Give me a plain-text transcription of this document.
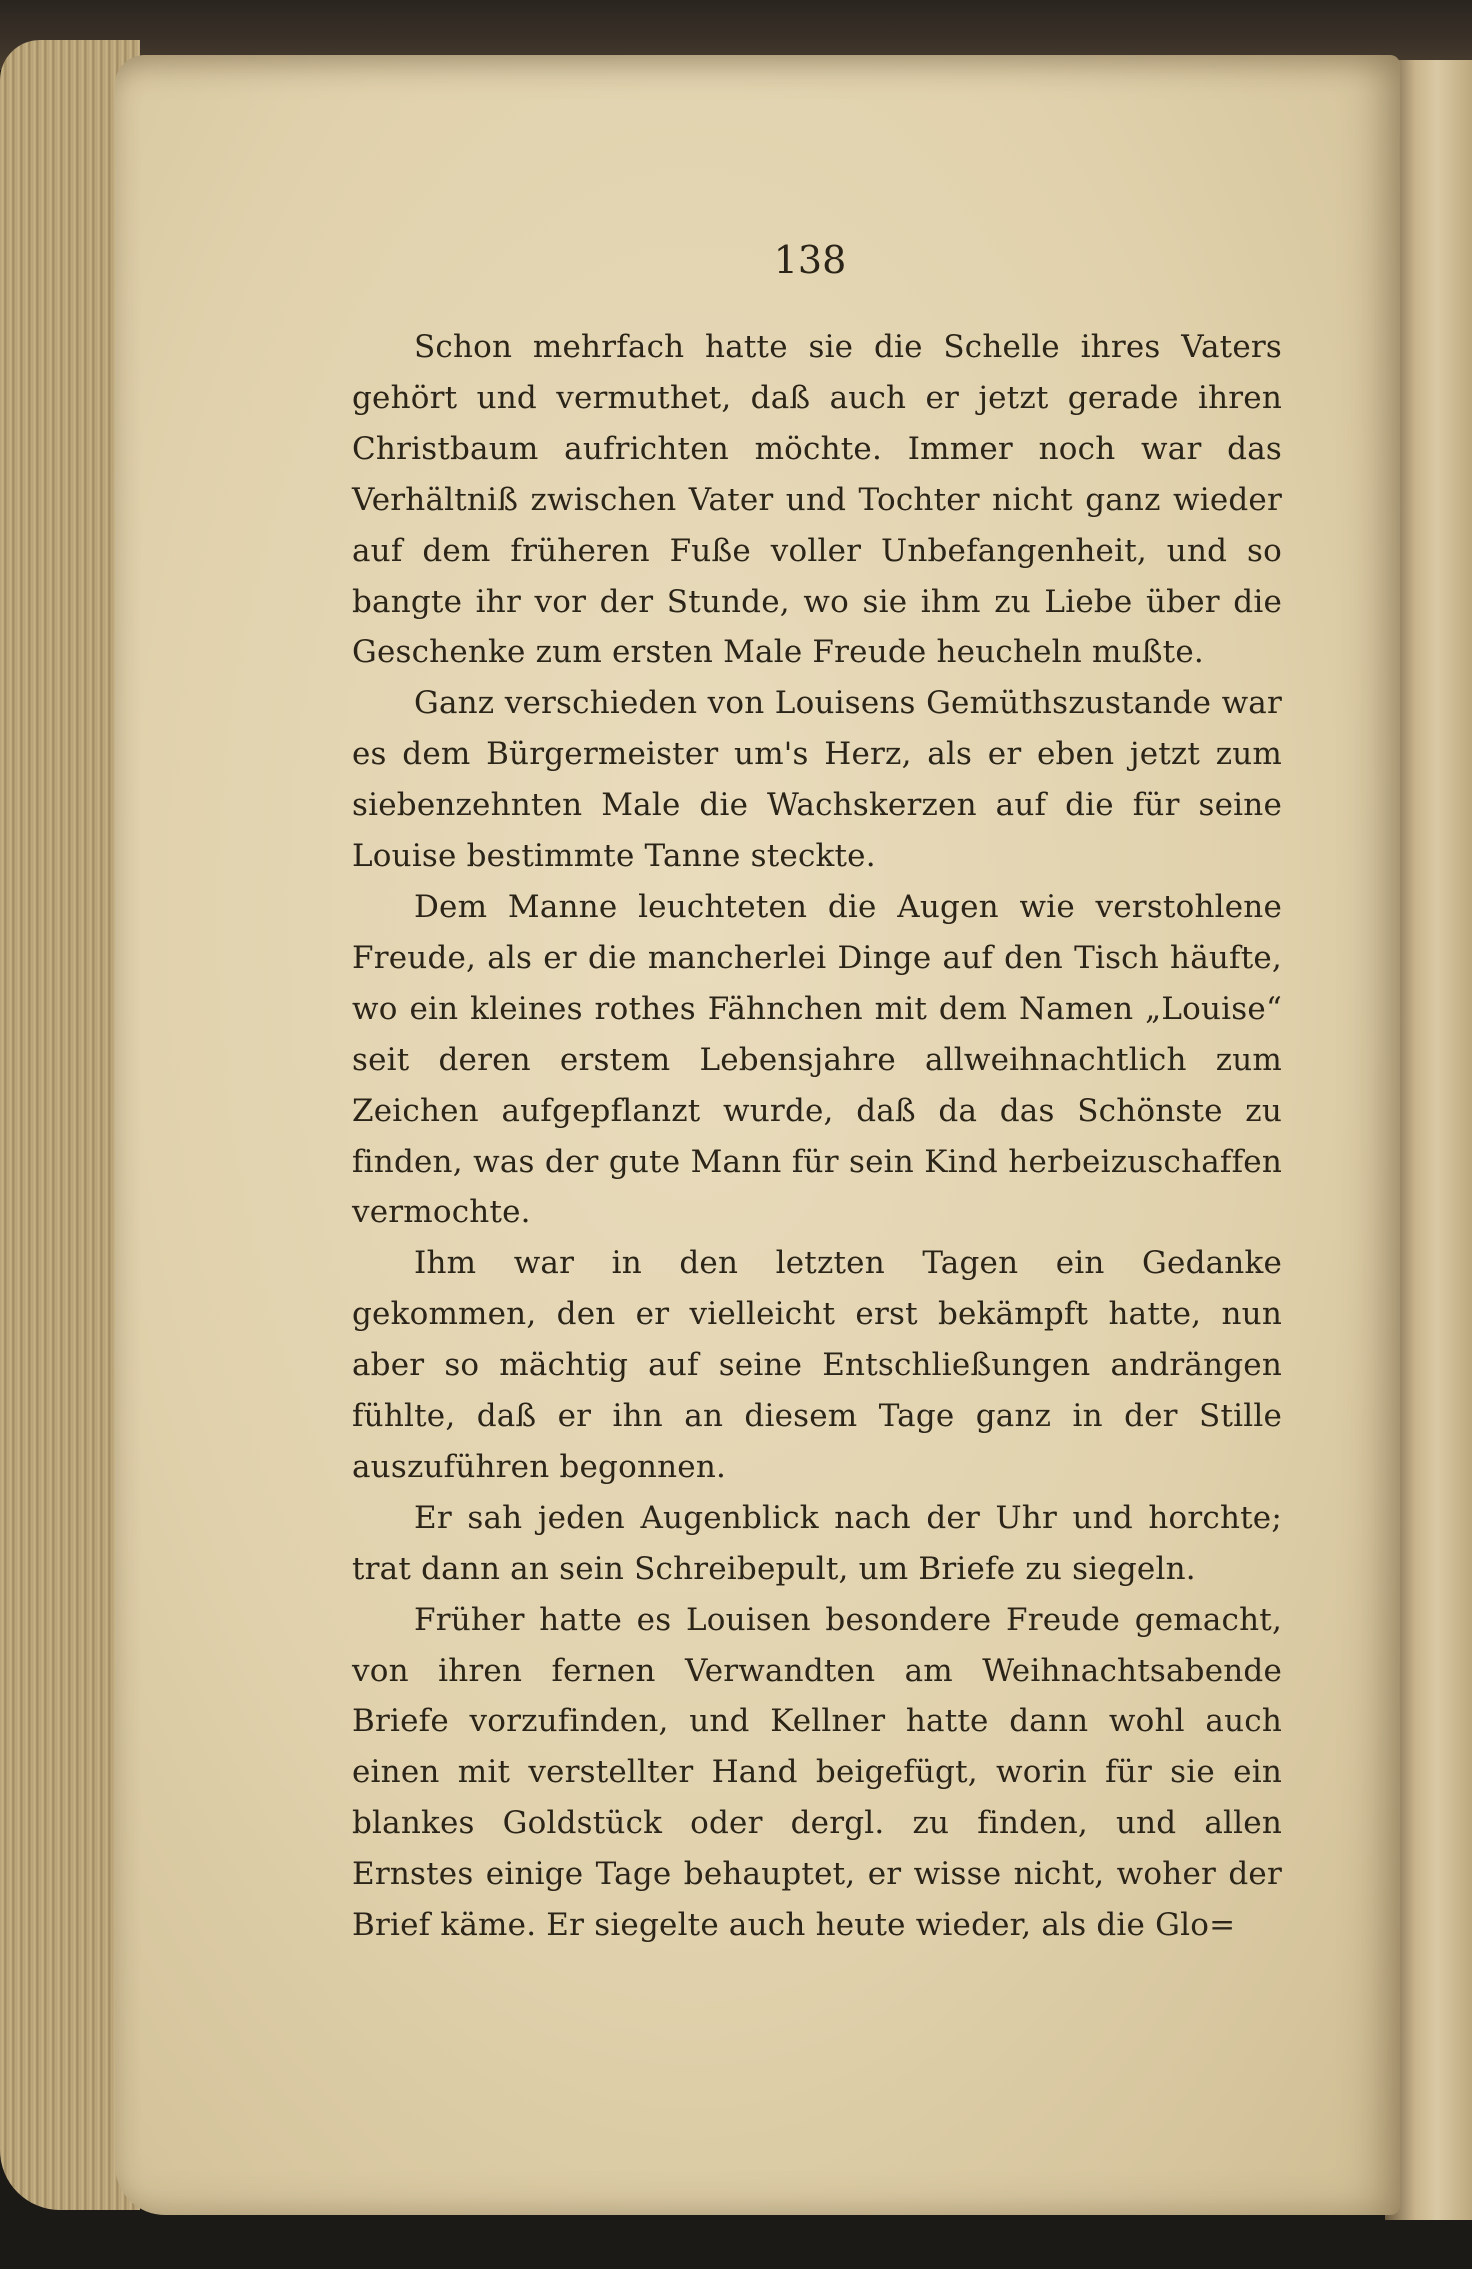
138

Schon mehrfach hatte sie die Schelle ihres Vaters gehört und vermuthet, daß auch er jetzt gerade ihren Christbaum aufrichten möchte. Immer noch war das Verhältniß zwischen Vater und Tochter nicht ganz wieder auf dem früheren Fuße voller Unbefangenheit, und so bangte ihr vor der Stunde, wo sie ihm zu Liebe über die Geschenke zum ersten Male Freude heucheln mußte.

Ganz verschieden von Louisens Gemüthszustande war es dem Bürgermeister um's Herz, als er eben jetzt zum siebenzehnten Male die Wachskerzen auf die für seine Louise bestimmte Tanne steckte.

Dem Manne leuchteten die Augen wie verstohlene Freude, als er die mancherlei Dinge auf den Tisch häufte, wo ein kleines rothes Fähnchen mit dem Namen „Louise“ seit deren erstem Lebensjahre allweihnachtlich zum Zeichen aufgepflanzt wurde, daß da das Schönste zu finden, was der gute Mann für sein Kind herbeizuschaffen vermochte.

Ihm war in den letzten Tagen ein Gedanke gekommen, den er vielleicht erst bekämpft hatte, nun aber so mächtig auf seine Entschließungen andrängen fühlte, daß er ihn an diesem Tage ganz in der Stille auszuführen begonnen.

Er sah jeden Augenblick nach der Uhr und horchte; trat dann an sein Schreibepult, um Briefe zu siegeln.

Früher hatte es Louisen besondere Freude gemacht, von ihren fernen Verwandten am Weihnachtsabende Briefe vorzufinden, und Kellner hatte dann wohl auch einen mit verstellter Hand beigefügt, worin für sie ein blankes Goldstück oder dergl. zu finden, und allen Ernstes einige Tage behauptet, er wisse nicht, woher der Brief käme. Er siegelte auch heute wieder, als die Glo=
